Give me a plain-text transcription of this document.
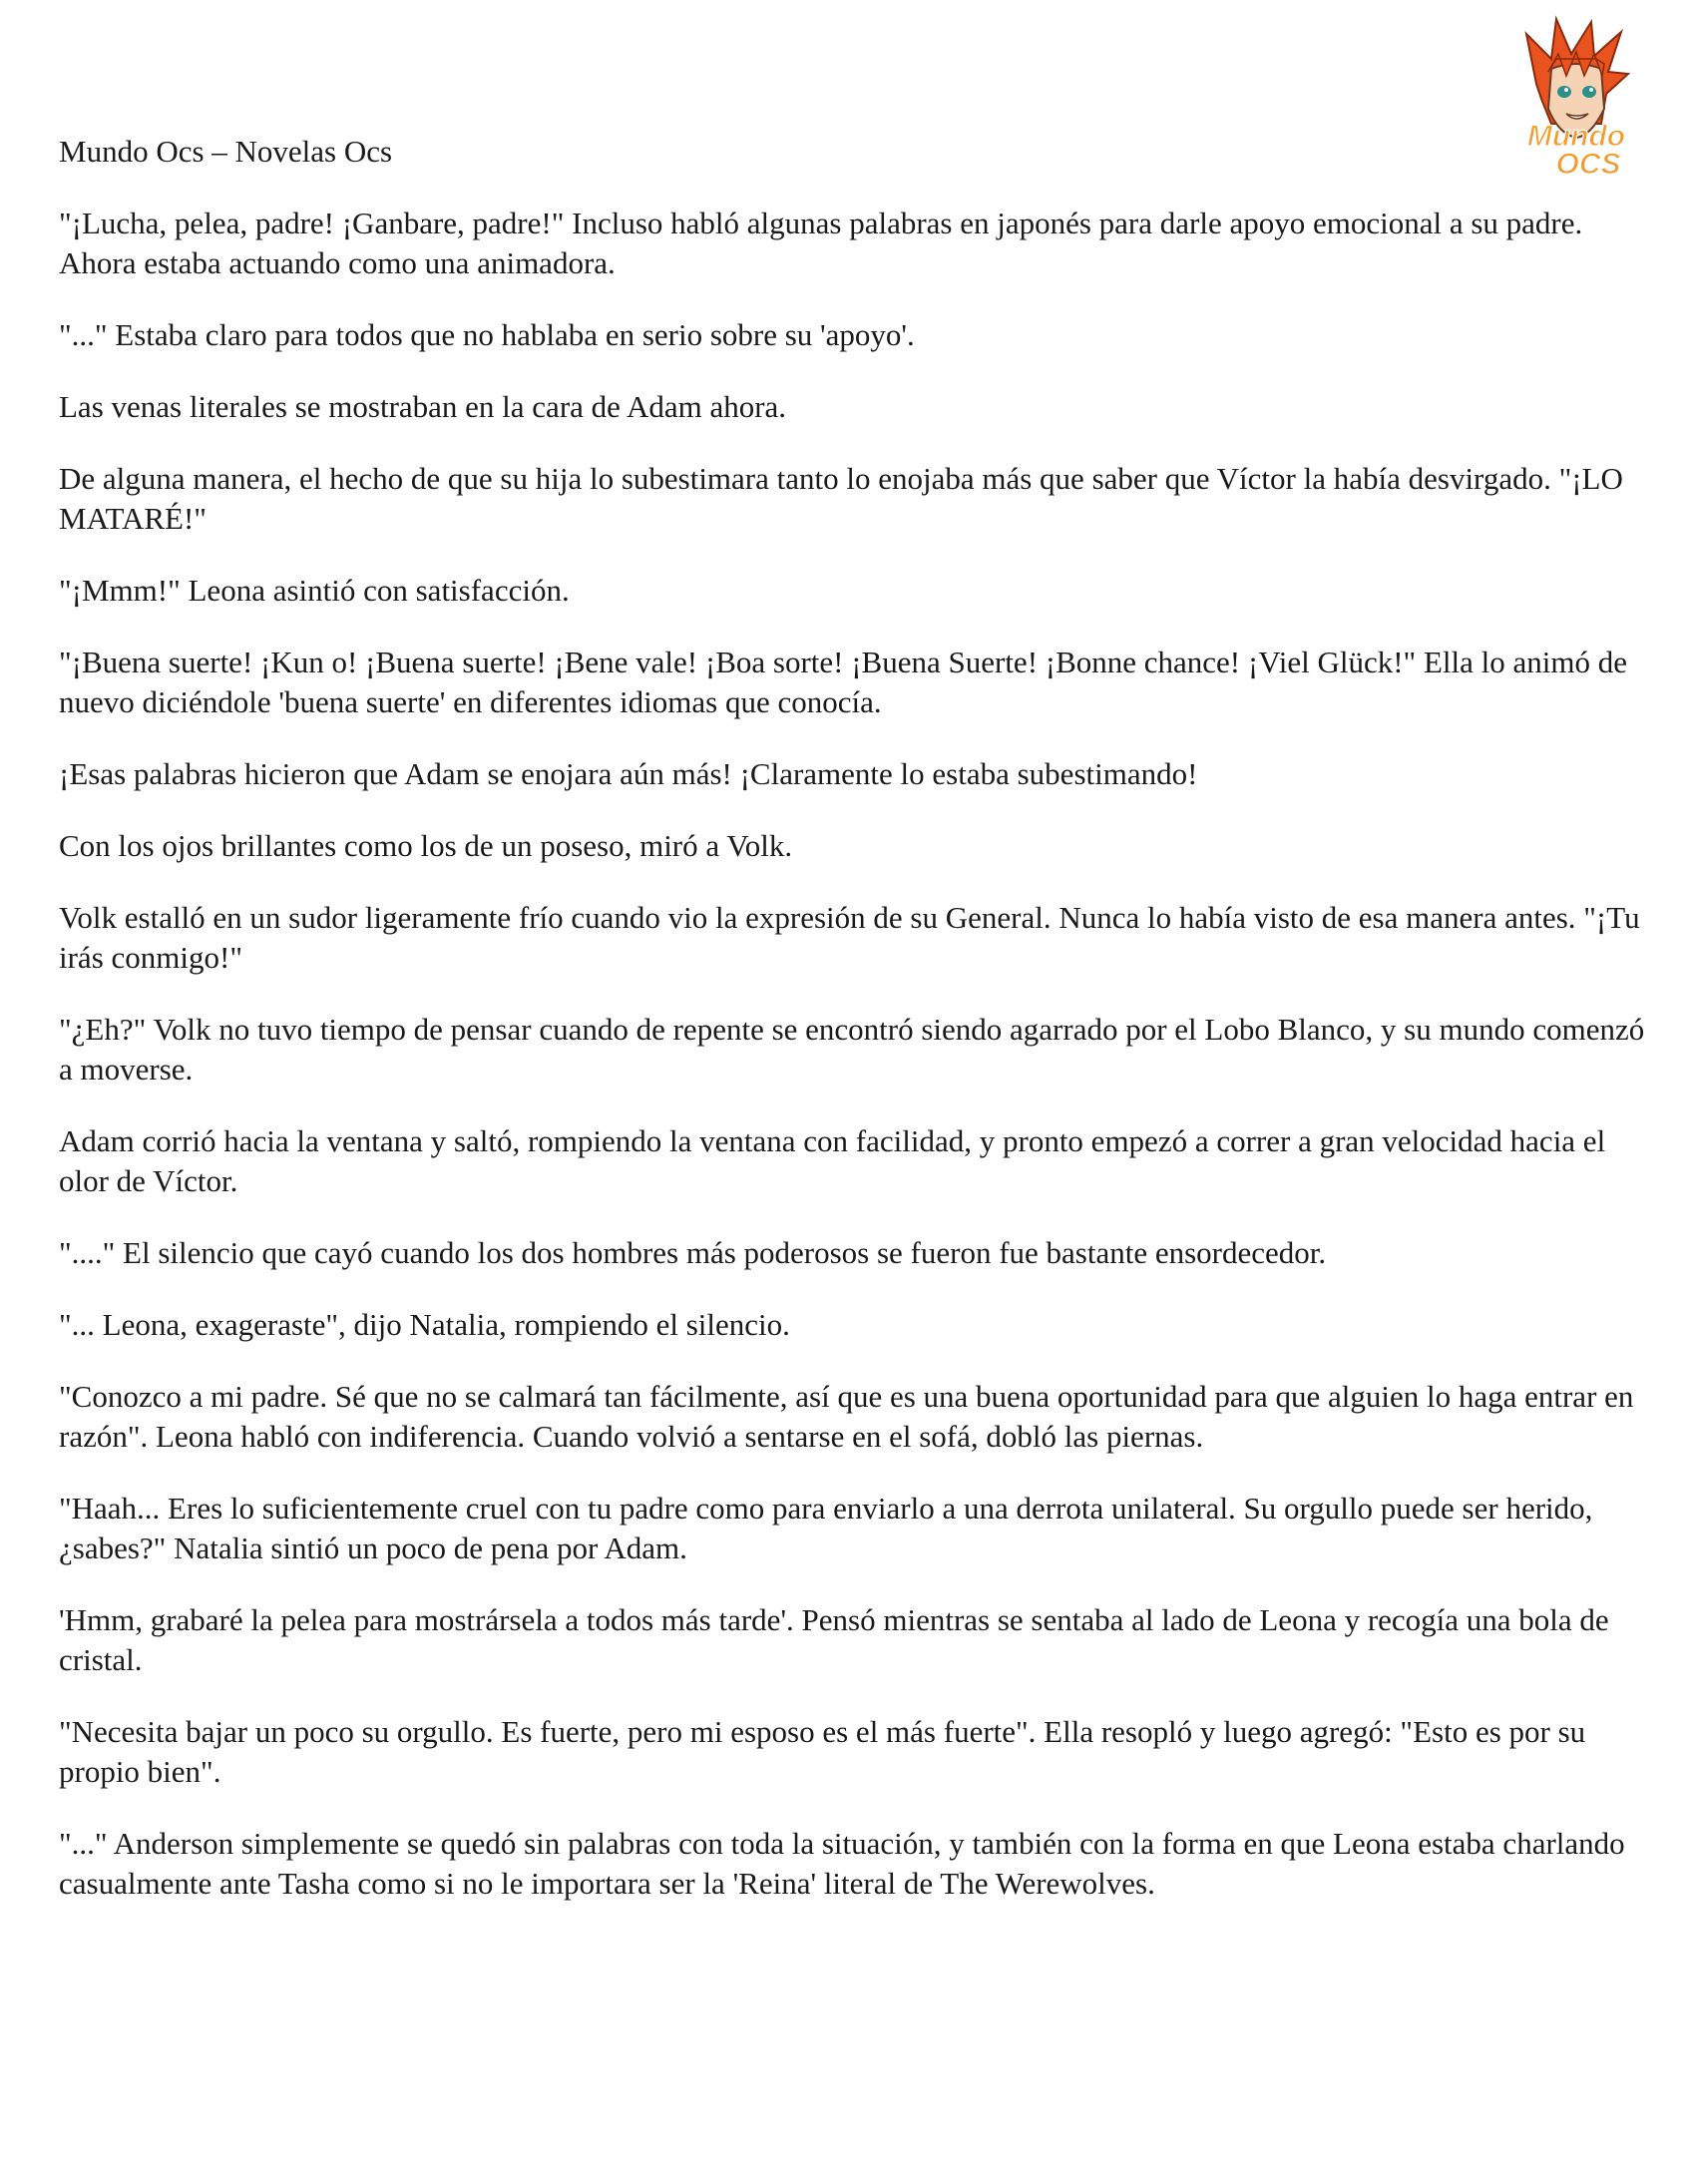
Mundo
OCS

Mundo Ocs – Novelas Ocs

"¡Lucha, pelea, padre! ¡Ganbare, padre!" Incluso habló algunas palabras en japonés para darle apoyo emocional a su padre. Ahora estaba actuando como una animadora.

"..." Estaba claro para todos que no hablaba en serio sobre su 'apoyo'.

Las venas literales se mostraban en la cara de Adam ahora.

De alguna manera, el hecho de que su hija lo subestimara tanto lo enojaba más que saber que Víctor la había desvirgado. "¡LO MATARÉ!"

"¡Mmm!" Leona asintió con satisfacción.

"¡Buena suerte! ¡Kun o! ¡Buena suerte! ¡Bene vale! ¡Boa sorte! ¡Buena Suerte! ¡Bonne chance! ¡Viel Glück!" Ella lo animó de nuevo diciéndole 'buena suerte' en diferentes idiomas que conocía.

¡Esas palabras hicieron que Adam se enojara aún más! ¡Claramente lo estaba subestimando!

Con los ojos brillantes como los de un poseso, miró a Volk.

Volk estalló en un sudor ligeramente frío cuando vio la expresión de su General. Nunca lo había visto de esa manera antes. "¡Tu irás conmigo!"

"¿Eh?" Volk no tuvo tiempo de pensar cuando de repente se encontró siendo agarrado por el Lobo Blanco, y su mundo comenzó a moverse.

Adam corrió hacia la ventana y saltó, rompiendo la ventana con facilidad, y pronto empezó a correr a gran velocidad hacia el olor de Víctor.

"...." El silencio que cayó cuando los dos hombres más poderosos se fueron fue bastante ensordecedor.

"... Leona, exageraste", dijo Natalia, rompiendo el silencio.

"Conozco a mi padre. Sé que no se calmará tan fácilmente, así que es una buena oportunidad para que alguien lo haga entrar en razón". Leona habló con indiferencia. Cuando volvió a sentarse en el sofá, dobló las piernas.

"Haah... Eres lo suficientemente cruel con tu padre como para enviarlo a una derrota unilateral. Su orgullo puede ser herido, ¿sabes?" Natalia sintió un poco de pena por Adam.

'Hmm, grabaré la pelea para mostrársela a todos más tarde'. Pensó mientras se sentaba al lado de Leona y recogía una bola de cristal.

"Necesita bajar un poco su orgullo. Es fuerte, pero mi esposo es el más fuerte". Ella resopló y luego agregó: "Esto es por su propio bien".

"..." Anderson simplemente se quedó sin palabras con toda la situación, y también con la forma en que Leona estaba charlando casualmente ante Tasha como si no le importara ser la 'Reina' literal de The Werewolves.
